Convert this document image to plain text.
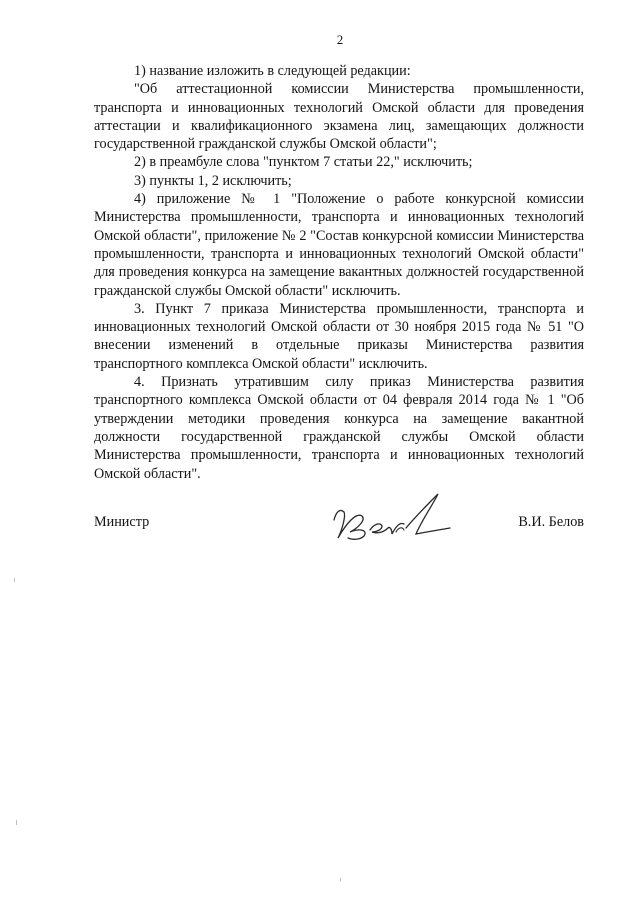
2

1) название изложить в следующей редакции:

"Об аттестационной комиссии Министерства промышленности, транспорта и инновационных технологий Омской области для проведения аттестации и квалификационного экзамена лиц, замещающих должности государственной гражданской службы Омской области";

2) в преамбуле слова "пунктом 7 статьи 22," исключить;

3) пункты 1, 2 исключить;

4) приложение № 1 "Положение о работе конкурсной комиссии Министерства промышленности, транспорта и инновационных технологий Омской области", приложение № 2 "Состав конкурсной комиссии Министерства промышленности, транспорта и инновационных технологий Омской области" для проведения конкурса на замещение вакантных должностей государственной гражданской службы Омской области" исключить.

3. Пункт 7 приказа Министерства промышленности, транспорта и инновационных технологий Омской области от 30 ноября 2015 года № 51 "О внесении изменений в отдельные приказы Министерства развития транспортного комплекса Омской области" исключить.

4. Признать утратившим силу приказ Министерства развития транспортного комплекса Омской области от 04 февраля 2014 года № 1 "Об утверждении методики проведения конкурса на замещение вакантной должности государственной гражданской службы Омской области Министерства промышленности, транспорта и инновационных технологий Омской области".

Министр	В.И. Белов
